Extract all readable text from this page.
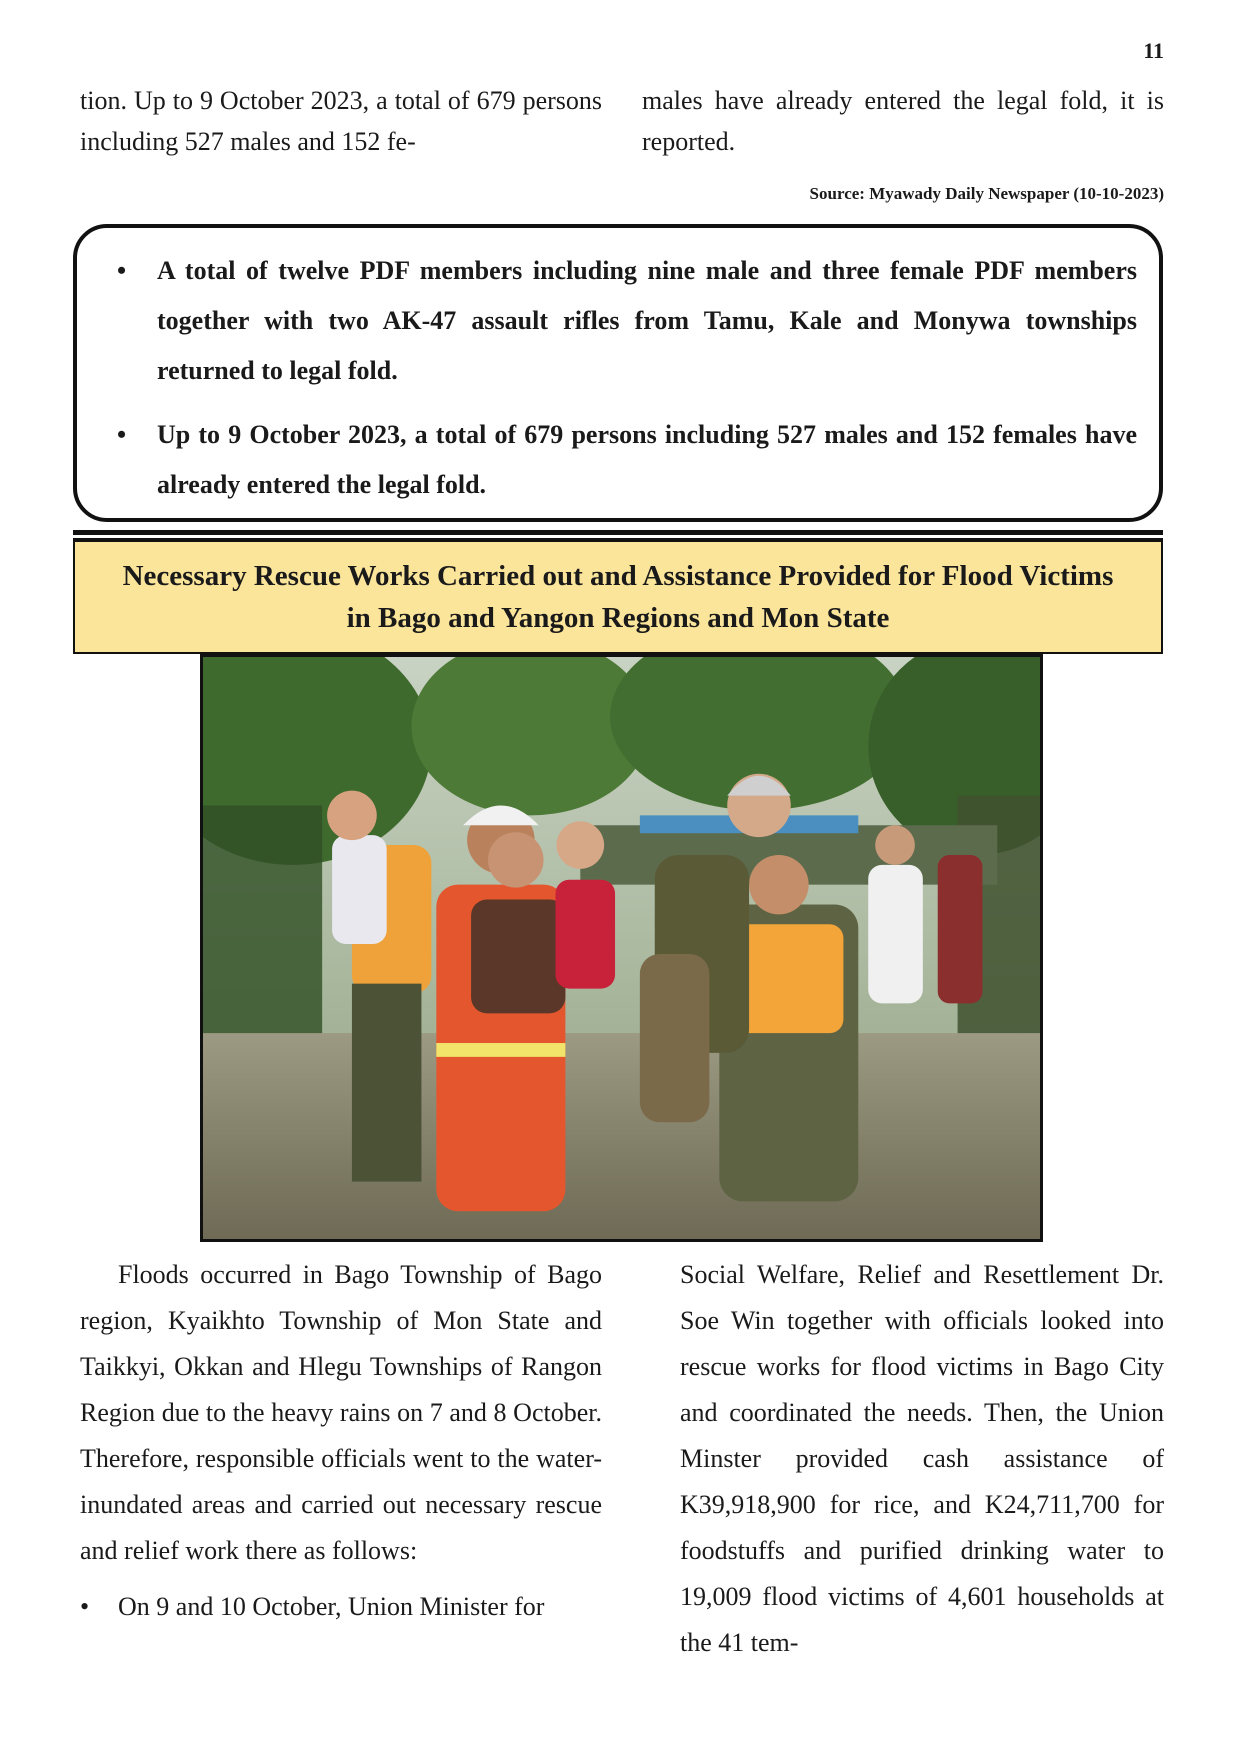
11
tion. Up to 9 October 2023, a total of 679 persons including 527 males and 152 fe-
males have already entered the legal fold, it is reported.
Source: Myawady Daily Newspaper (10-10-2023)
• A total of twelve PDF members including nine male and three female PDF members together with two AK-47 assault rifles from Tamu, Kale and Monywa townships returned to legal fold.
• Up to 9 October 2023, a total of 679 persons including 527 males and 152 females have already entered the legal fold.
Necessary Rescue Works Carried out and Assistance Provided for Flood Victims
in Bago and Yangon Regions and Mon State
Floods occurred in Bago Township of Bago region, Kyaikhto Township of Mon State and Taikkyi, Okkan and Hlegu Townships of Rangon Region due to the heavy rains on 7 and 8 October. Therefore, responsible officials went to the water-inundated areas and carried out necessary rescue and relief work there as follows:
• On 9 and 10 October, Union Minister for
Social Welfare, Relief and Resettlement Dr. Soe Win together with officials looked into rescue works for flood victims in Bago City and coordinated the needs. Then, the Union Minster provided cash assistance of K39,918,900 for rice, and K24,711,700 for foodstuffs and purified drinking water to 19,009 flood victims of 4,601 households at the 41 tem-
